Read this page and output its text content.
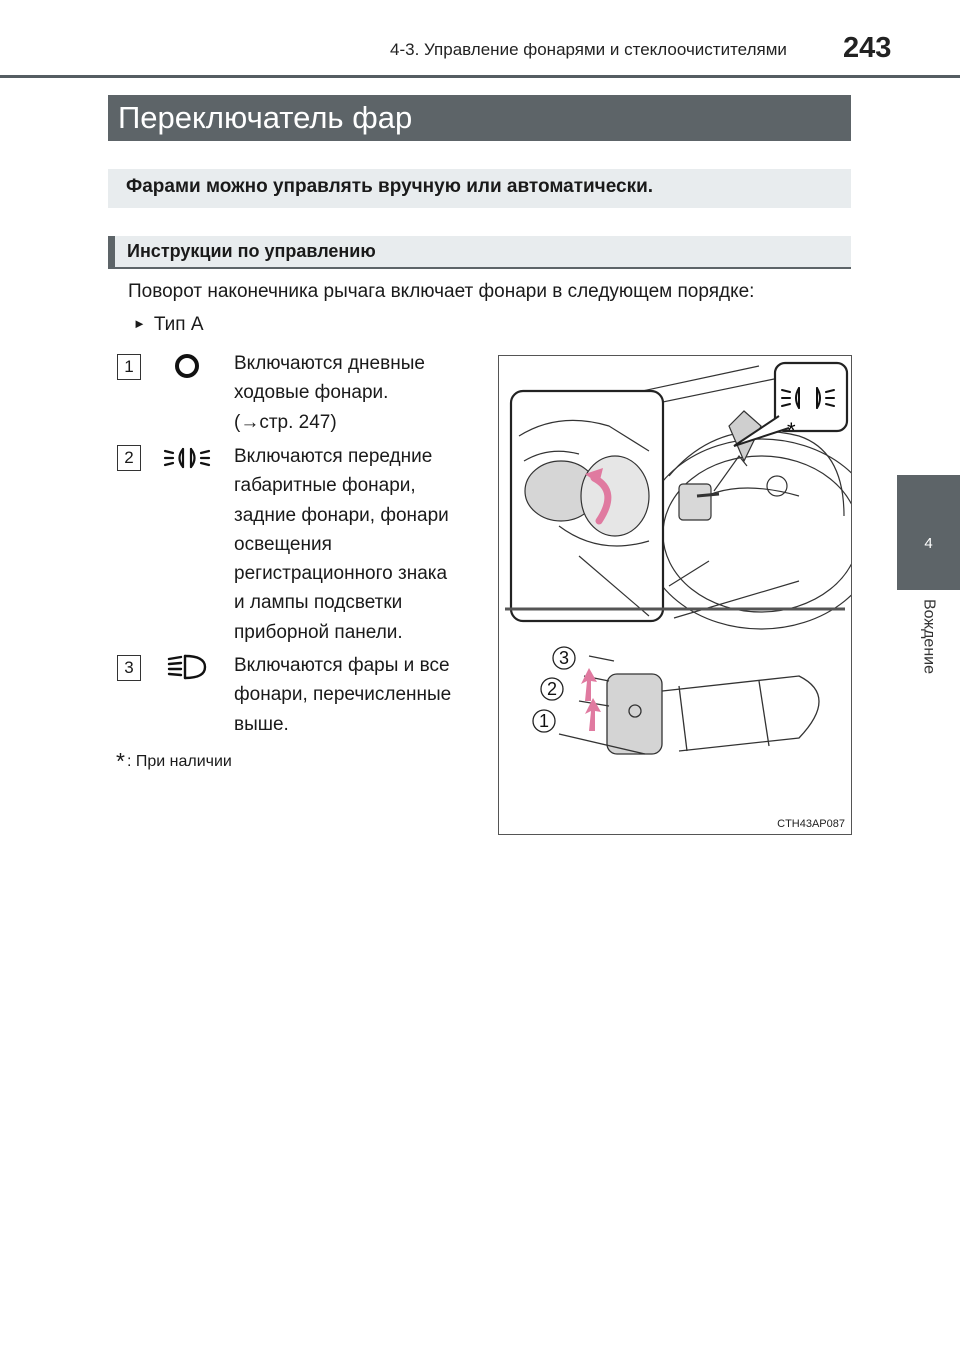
4-3. Управление фонарями и стеклоочистителями 243
4
Вождение
Переключатель фар
Фарами можно управлять вручную или автоматически.
Инструкции по управлению
Поворот наконечника рычага включает фонари в следующем порядке:
► Тип A
1	Включаются дневные
ходовые фонари.
(→стр. 247)
2	Включаются передние
габаритные фонари,
задние фонари, фонари
освещения
регистрационного знака
и лампы подсветки
приборной панели.
3	Включаются фары и все
фонари, перечисленные
выше.
* : При наличии
*
1
2
3
CTH43AP087
